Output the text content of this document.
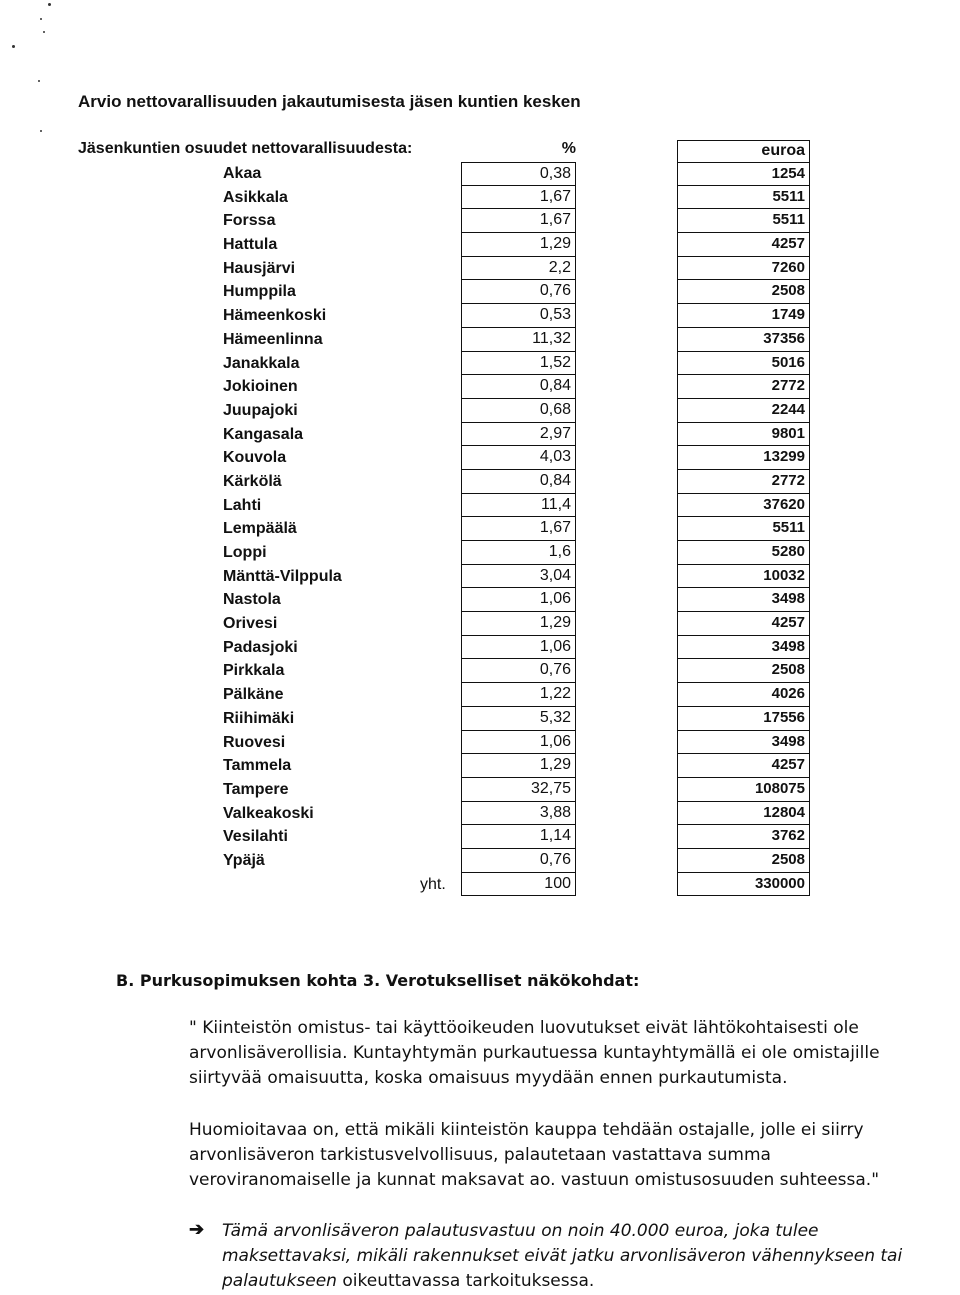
Arvio nettovarallisuuden jakautumisesta jäsen kuntien kesken
Jäsenkuntien osuudet nettovarallisuudesta:	%	euroa
Akaa	0,38	1254
Asikkala	1,67	5511
Forssa	1,67	5511
Hattula	1,29	4257
Hausjärvi	2,2	7260
Humppila	0,76	2508
Hämeenkoski	0,53	1749
Hämeenlinna	11,32	37356
Janakkala	1,52	5016
Jokioinen	0,84	2772
Juupajoki	0,68	2244
Kangasala	2,97	9801
Kouvola	4,03	13299
Kärkölä	0,84	2772
Lahti	11,4	37620
Lempäälä	1,67	5511
Loppi	1,6	5280
Mänttä-Vilppula	3,04	10032
Nastola	1,06	3498
Orivesi	1,29	4257
Padasjoki	1,06	3498
Pirkkala	0,76	2508
Pälkäne	1,22	4026
Riihimäki	5,32	17556
Ruovesi	1,06	3498
Tammela	1,29	4257
Tampere	32,75	108075
Valkeakoski	3,88	12804
Vesilahti	1,14	3762
Ypäjä	0,76	2508
yht.	100	330000
B. Purkusopimuksen kohta 3. Verotukselliset näkökohdat:
" Kiinteistön omistus- tai käyttöoikeuden luovutukset eivät lähtökohtaisesti ole arvonlisäverollisia. Kuntayhtymän purkautuessa kuntayhtymällä ei ole omistajille siirtyvää omaisuutta, koska omaisuus myydään ennen purkautumista.
Huomioitavaa on, että mikäli kiinteistön kauppa tehdään ostajalle, jolle ei siirry arvonlisäveron tarkistusvelvollisuus, palautetaan vastattava summa veroviranomaiselle ja kunnat maksavat ao. vastuun omistusosuuden suhteessa."
➔ Tämä arvonlisäveron palautusvastuu on noin 40.000 euroa, joka tulee maksettavaksi, mikäli rakennukset eivät jatku arvonlisäveron vähennykseen tai palautukseen oikeuttavassa tarkoituksessa.
